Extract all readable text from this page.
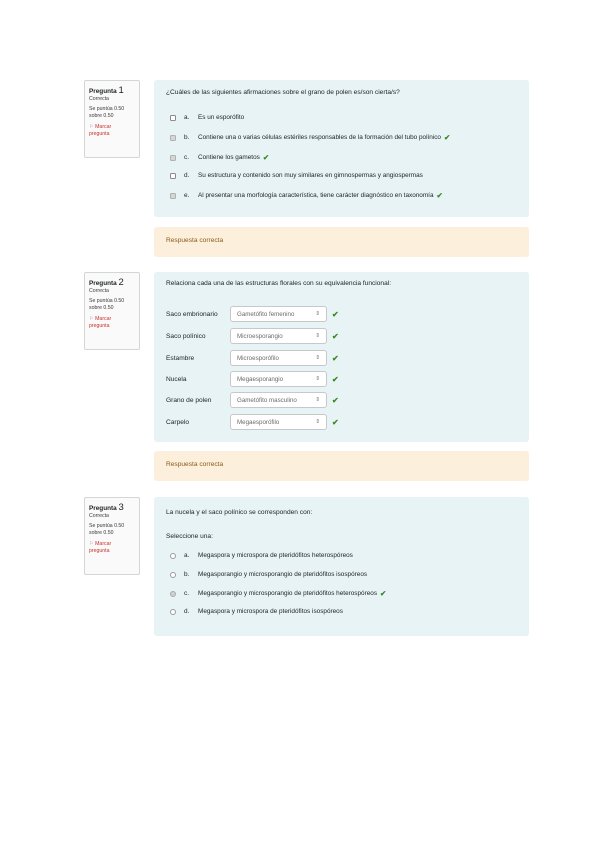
Pregunta 1
Correcta
Se puntúa 0.50
sobre 0.50
⚐ Marcar
pregunta
¿Cuáles de las siguientes afirmaciones sobre el grano de polen es/son cierta/s?
a.	Es un esporófito
b.	Contiene una o varias células estériles responsables de la formación del tubo polínico ✔
c.	Contiene los gametos ✔
d.	Su estructura y contenido son muy similares en gimnospermas y angiospermas
e.	Al presentar una morfología característica, tiene carácter diagnóstico en taxonomía ✔
Respuesta correcta
Pregunta 2
Correcta
Se puntúa 0.50
sobre 0.50
⚐ Marcar
pregunta
Relaciona cada una de las estructuras florales con su equivalencia funcional:
Saco embrionario	Gametófito femenino	⇕ ✔
Saco polínico	Microesporangio	⇕ ✔
Estambre	Microesporófilo	⇕ ✔
Nucela	Megaesporangio	⇕ ✔
Grano de polen	Gametófito masculino	⇕ ✔
Carpelo	Megaesporófilo	⇕ ✔
Respuesta correcta
Pregunta 3
Correcta
Se puntúa 0.50
sobre 0.50
⚐ Marcar
pregunta
La nucela y el saco polínico se corresponden con:
Seleccione una:
a.	Megaspora y microspora de pteridófitos heterospóreos
b.	Megasporangio y microsporangio de pteridófitos isospóreos
c.	Megasporangio y microsporangio de pteridófitos heterospóreos ✔
d.	Megaspora y microspora de pteridófitos isospóreos
